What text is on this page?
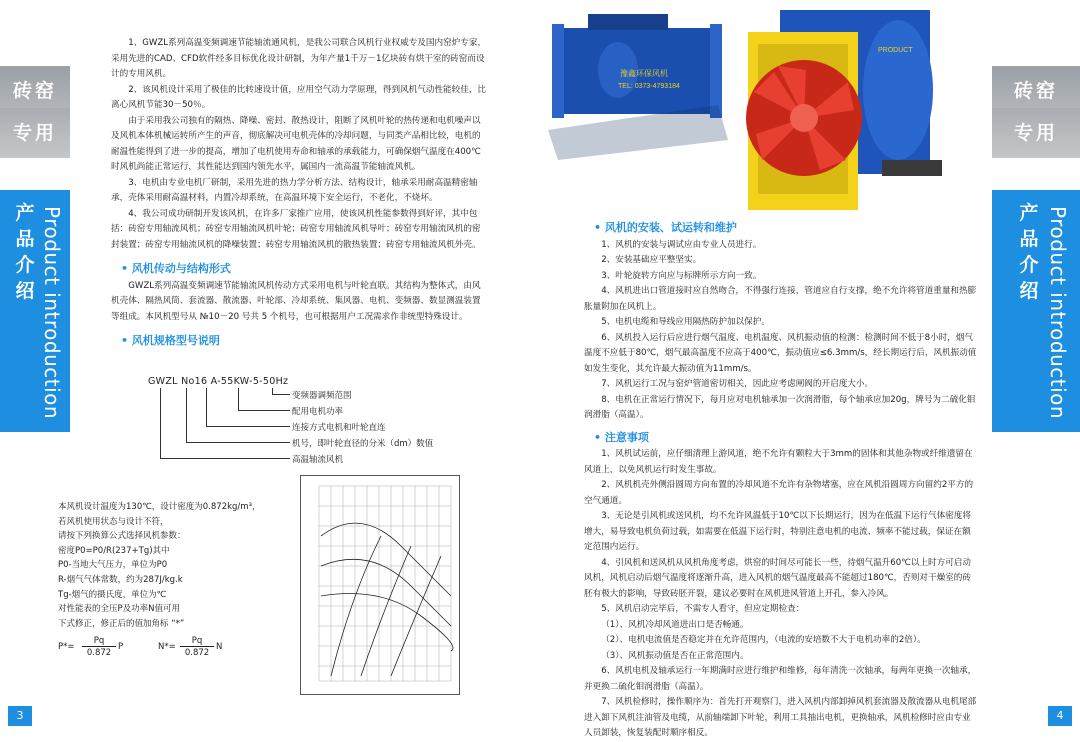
砖窑
专用
产
品
介
绍 Product introduction
3

1、GWZL系列高温变频调速节能轴流通风机，是我公司联合风机行业权威专及国内窑炉专家，采用先进的CAD、CFD软件经多目标优化设计研制，为年产量1千万－1亿块砖有烘干室的砖窑而设计的专用风机。

2、该风机设计采用了极佳的比转速设计值，应用空气动力学原理，得到风机气动性能较佳，比离心风机节能30－50％。

由于采用我公司独有的隔热、降噪、密封、散热设计，阻断了风机叶轮的热传递和电机噪声以及风机本体机械运转所产生的声音，彻底解决可电机壳体的冷却问题，与同类产品相比较，电机的耐温性能得到了进一步的提高，增加了电机使用寿命和轴承的承载能力，可确保烟气温度在400℃时风机尚能正常运行，其性能达到国内领先水平，属国内一流高温节能轴流风机。

3、电机由专业电机厂研制，采用先进的热力学分析方法、结构设计，轴承采用耐高温精密轴承，壳体采用耐高温材料，内置冷却系统，在高温环境下安全运行，不老化，不烧坏。

4、我公司成功研制开发该风机，在许多厂家推广应用，使该风机性能参数得到好评，其中包括：砖窑专用轴流风机；砖窑专用轴流风机叶轮；砖窑专用轴流风机导叶；砖窑专用轴流风机的密封装置；砖窑专用轴流风机的降噪装置；砖窑专用轴流风机的散热装置；砖窑专用轴流风机外壳。

• 风机传动与结构形式

GWZL系列高温变频调速节能轴流风机传动方式采用电机与叶轮直联。其结构为整体式，由风机壳体、隔热风筒、套流器、散流器、叶轮部、冷却系统、集风器、电机、变频器、数显测温装置等组成。本风机型号从 №10－20 号共 5 个机号，也可根据用户工况需求作非统型特殊设计。

• 风机规格型号说明
GWZL No16 A-55KW-5-50Hz
变频器调频范围
配用电机功率
连接方式电机和叶轮直连
机号，即叶轮直径的分米（dm）数值
高温轴流风机
本风机设计温度为130℃，设计密度为0.872kg/m³，
若风机使用状态与设计不符，
请按下列换算公式选择风机参数：
密度P0=P0/R(237+Tg)其中
P0-当地大气压力，单位为P0
R-烟气气体常数，约为287J/kg.k
Tg-烟气的摄氏度，单位为℃
对性能表的全压P及功率N值可用
下式修正，修正后的值加角标 “*”
P*=
Pq
0.872
P	N*=
Pq
0.872
N
豫鑫环保风机
TEL: 0373-4793184
PRODUCT
• 风机的安装、试运转和维护

1、风机的安装与调试应由专业人员进行。

2、安装基础应平整坚实。

3、叶轮旋转方向应与标牌所示方向一致。

4、风机进出口管道接时应自然吻合，不得强行连接，管道应自行支撑，绝不允许将管道重量和热膨胀量附加在风机上。

5、电机电缆和导线应用隔热防护加以保护。

6、风机投入运行后应进行烟气温度、电机温度、风机振动值的检测：检测时间不低于8小时，烟气温度不应低于80℃，烟气最高温度不应高于400℃，振动值应≤6.3mm/s，经长期运行后，风机振动值如发生变化，其允许最大振动值为11mm/s。

7、风机运行工况与窑炉管道密切相关，因此应考虑闸阀的开启度大小。

8、电机在正常运行情况下，每月应对电机轴承加一次润滑脂，每个轴承应加20g，牌号为二硫化钼润滑脂（高温）。

• 注意事项

1、风机试运前，应仔细清理上游风道，绝不允许有颗粒大于3mm的固体和其他杂物或纤维遗留在风道上，以免风机运行时发生事故。

2、风机机壳外侧沿圆周方向布置的冷却风道不允许有杂物堵塞，应在风机沿圆周方向留约2平方的空气通道。

3、无论是引风机或送风机，均不允许风温低于10℃以下长期运行，因为在低温下运行气体密度将增大，易导致电机负荷过载，如需要在低温下运行时，特别注意电机的电流、频率不能过载，保证在额定范围内运行。

4、引风机和送风机从风机角度考虑，烘窑的时间尽可能长一些，待烟气温升60℃以上时方可启动风机，风机启动后烟气温度将逐渐升高，进入风机的烟气温度最高不能超过180℃，否则对干燥室的砖胚有极大的影响，导致砖胚开裂，建议必要时在风机进风管道上开孔，参入冷风。

5、风机启动完毕后，不需专人看守，但应定期检查：

（1）、风机冷却风道进出口是否畅通。

（2）、电机电流值是否稳定并在允许范围内，（电流的安培数不大于电机功率的2倍）。

（3）、风机振动值是否在正常范围内。

6、风机电机及轴承运行一年期满时应进行维护和维修，每年清洗一次轴承，每两年更换一次轴承，并更换二硫化钼润滑脂（高温）。

7、风机检修时，操作顺序为：首先打开观察门，进入风机内部卸掉风机套流器及散流器从电机尾部进入卸下风机注油管及电缆，从前轴端卸下叶轮，利用工具抽出电机，更换轴承，风机检修时应由专业人员卸装，恢复装配时顺序相反。

砖窑
专用
产
品
介
绍 Product introduction
4
